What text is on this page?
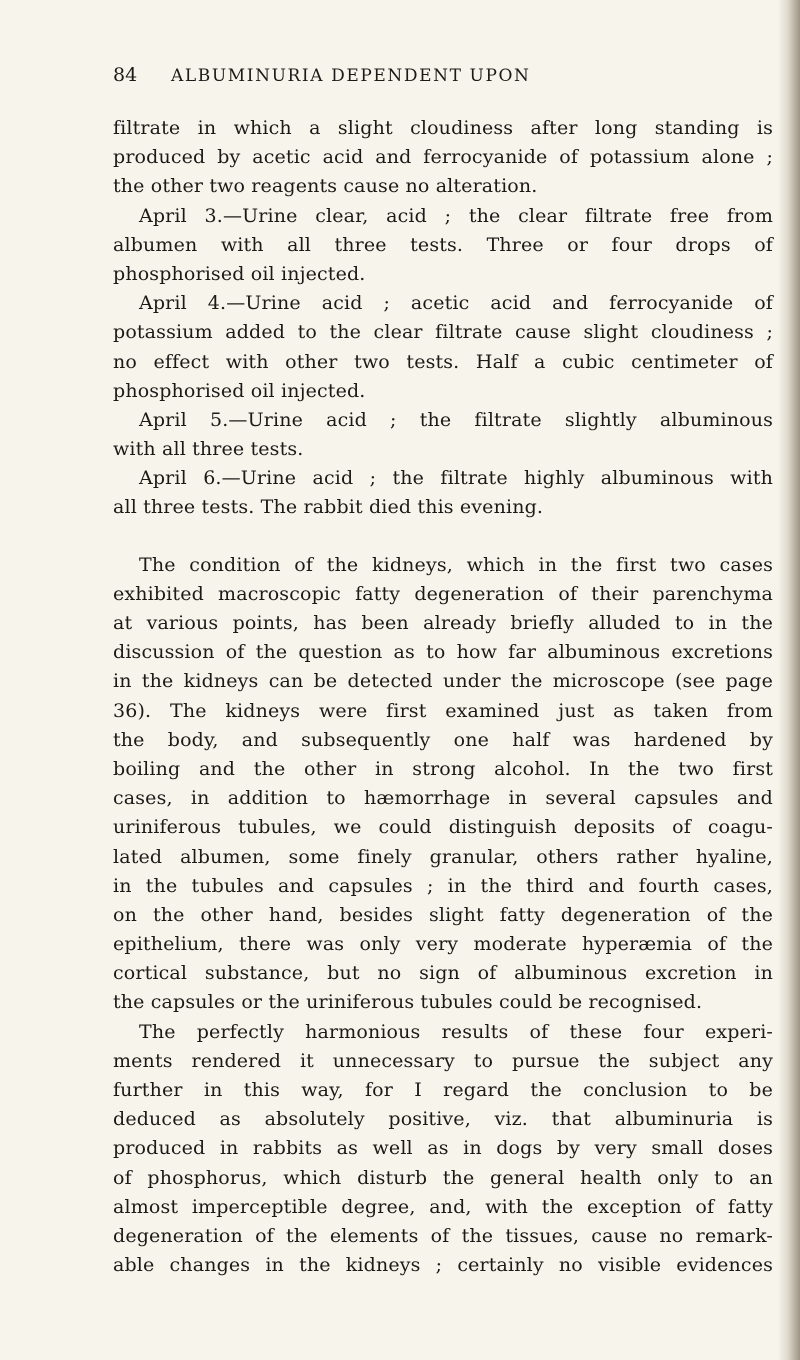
84 ALBUMINURIA DEPENDENT UPON
filtrate in which a slight cloudiness after long standing is
produced by acetic acid and ferrocyanide of potassium alone ;
the other two reagents cause no alteration.
April 3.—Urine clear, acid ; the clear filtrate free from
albumen with all three tests. Three or four drops of
phosphorised oil injected.
April 4.—Urine acid ; acetic acid and ferrocyanide of
potassium added to the clear filtrate cause slight cloudiness ;
no effect with other two tests. Half a cubic centimeter of
phosphorised oil injected.
April 5.—Urine acid ; the filtrate slightly albuminous
with all three tests.
April 6.—Urine acid ; the filtrate highly albuminous with
all three tests. The rabbit died this evening.
The condition of the kidneys, which in the first two cases
exhibited macroscopic fatty degeneration of their parenchyma
at various points, has been already briefly alluded to in the
discussion of the question as to how far albuminous excretions
in the kidneys can be detected under the microscope (see page
36). The kidneys were first examined just as taken from
the body, and subsequently one half was hardened by
boiling and the other in strong alcohol. In the two first
cases, in addition to hæmorrhage in several capsules and
uriniferous tubules, we could distinguish deposits of coagu-
lated albumen, some finely granular, others rather hyaline,
in the tubules and capsules ; in the third and fourth cases,
on the other hand, besides slight fatty degeneration of the
epithelium, there was only very moderate hyperæmia of the
cortical substance, but no sign of albuminous excretion in
the capsules or the uriniferous tubules could be recognised.
The perfectly harmonious results of these four experi-
ments rendered it unnecessary to pursue the subject any
further in this way, for I regard the conclusion to be
deduced as absolutely positive, viz. that albuminuria is
produced in rabbits as well as in dogs by very small doses
of phosphorus, which disturb the general health only to an
almost imperceptible degree, and, with the exception of fatty
degeneration of the elements of the tissues, cause no remark-
able changes in the kidneys ; certainly no visible evidences
